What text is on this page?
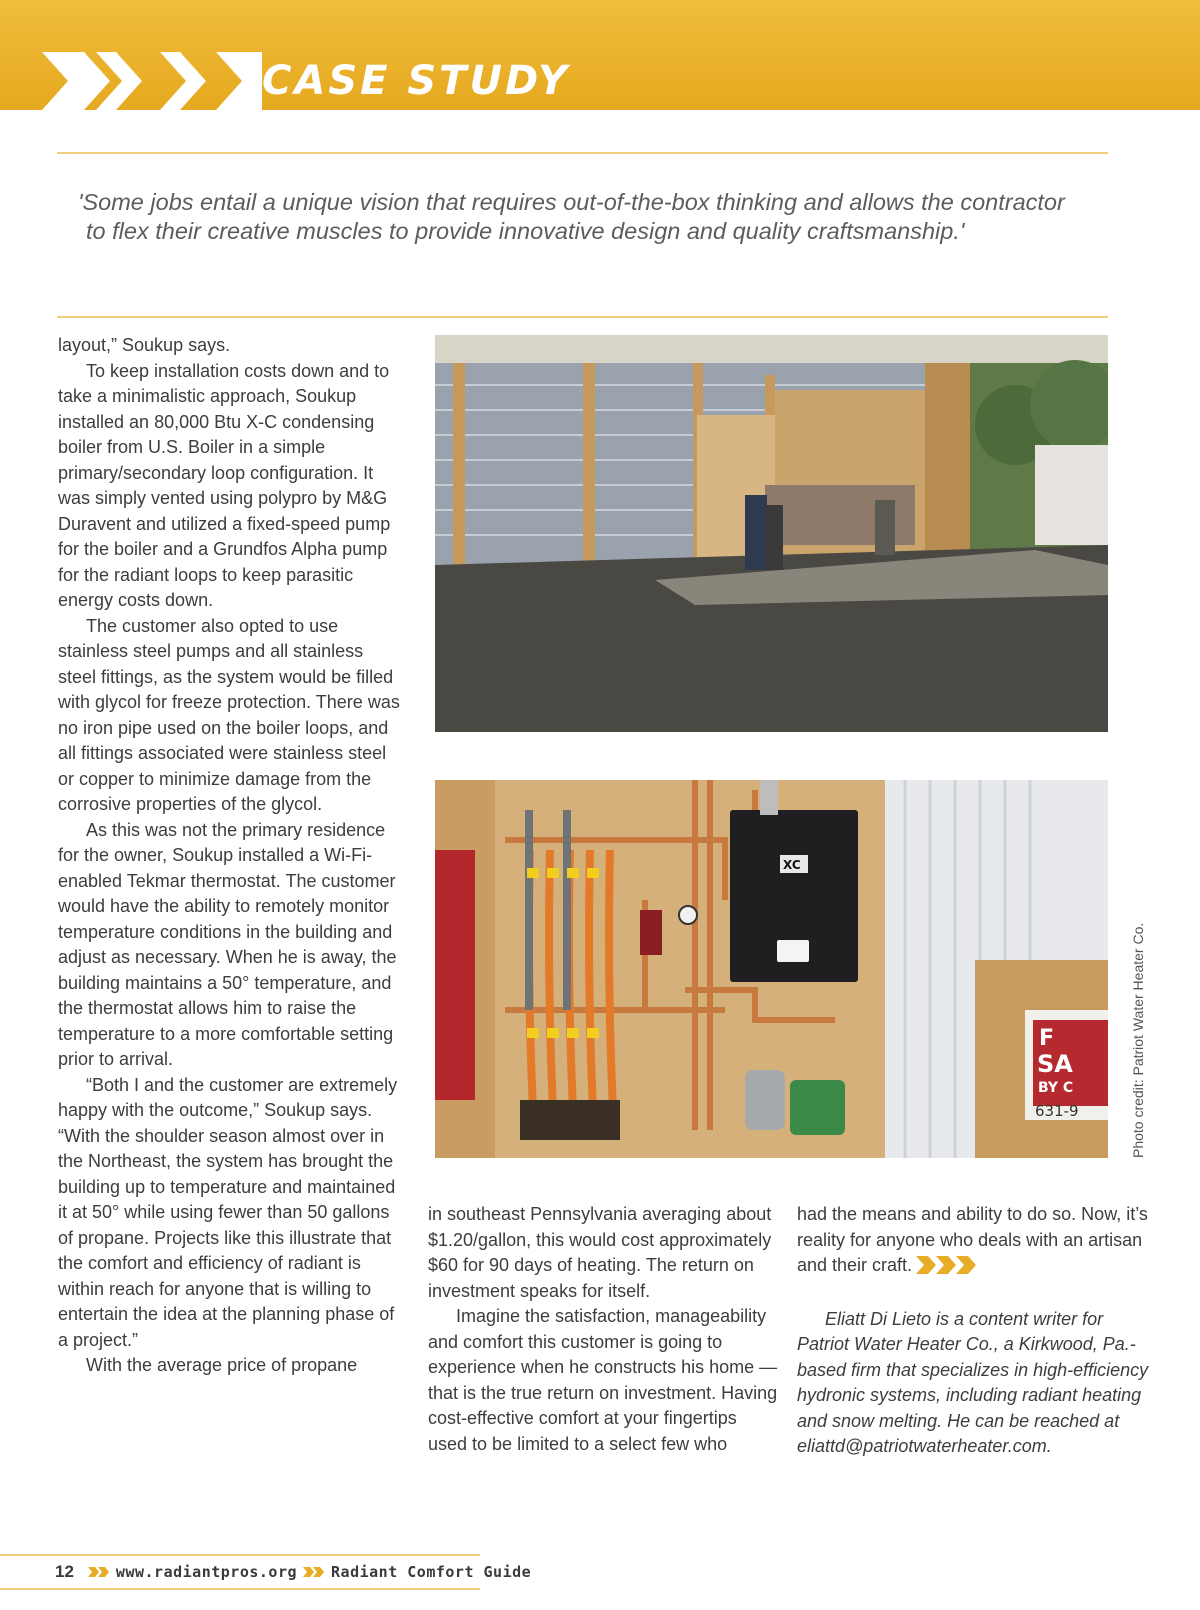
CASE STUDY

'Some jobs entail a unique vision that requires out-of-the-box thinking and allows the contractor to flex their creative muscles to provide innovative design and quality craftsmanship.'

layout,” Soukup says.

To keep installation costs down and to take a minimalistic approach, Soukup installed an 80,000 Btu X-C condensing boiler from U.S. Boiler in a simple primary/secondary loop configuration. It was simply vented using polypro by M&G Duravent and utilized a fixed-speed pump for the boiler and a Grundfos Alpha pump for the radiant loops to keep parasitic energy costs down.

The customer also opted to use stainless steel pumps and all stainless steel fittings, as the system would be filled with glycol for freeze protection. There was no iron pipe used on the boiler loops, and all fittings associated were stainless steel or copper to minimize damage from the corrosive properties of the glycol.

As this was not the primary residence for the owner, Soukup installed a Wi-Fi-enabled Tekmar thermostat. The customer would have the ability to remotely monitor temperature conditions in the building and adjust as necessary. When he is away, the building maintains a 50° temperature, and the thermostat allows him to raise the temperature to a more comfortable setting prior to arrival.

“Both I and the customer are extremely happy with the outcome,” Soukup says. “With the shoulder season almost over in the Northeast, the system has brought the building up to temperature and maintained it at 50° while using fewer than 50 gallons of propane. Projects like this illustrate that the comfort and efficiency of radiant is within reach for anyone that is willing to entertain the idea at the planning phase of a project.”

With the average price of propane

F
SA
BY C
631-9
XC
Photo credit: Patriot Water Heater Co.

in southeast Pennsylvania averaging about $1.20/gallon, this would cost approximately $60 for 90 days of heating. The return on investment speaks for itself.

Imagine the satisfaction, manageability and comfort this customer is going to experience when he constructs his home — that is the true return on investment. Having cost-effective comfort at your fingertips used to be limited to a select few who

had the means and ability to do so. Now, it’s reality for anyone who deals with an artisan and their craft.

Eliatt Di Lieto is a content writer for Patriot Water Heater Co., a Kirkwood, Pa.-based firm that specializes in high-efficiency hydronic systems, including radiant heating and snow melting. He can be reached at eliattd@patriotwaterheater.com.

12	www.radiantpros.org Radiant Comfort Guide
